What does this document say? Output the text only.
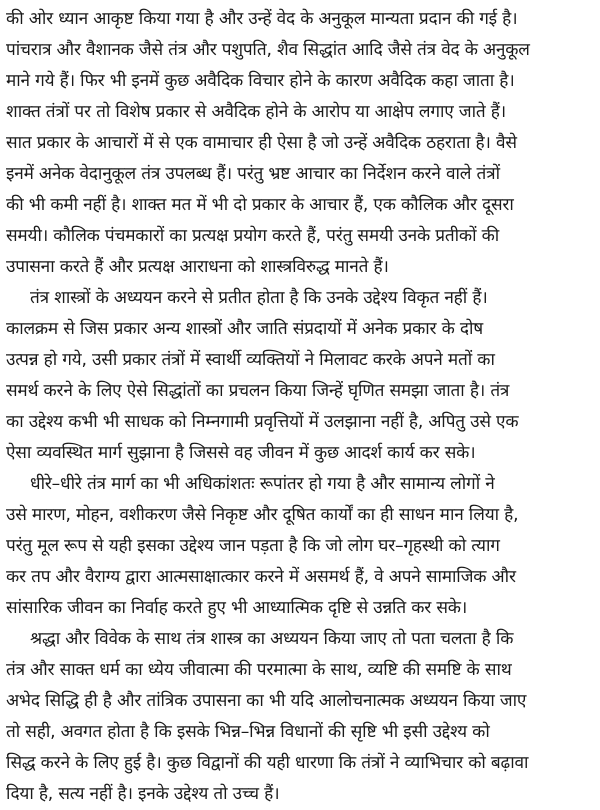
की ओर ध्यान आकृष्ट किया गया है और उन्हें वेद के अनुकूल मान्यता प्रदान की गई है।
पांचरात्र और वैशानक जैसे तंत्र और पशुपति, शैव सिद्धांत आदि जैसे तंत्र वेद के अनुकूल
माने गये हैं। फिर भी इनमें कुछ अवैदिक विचार होने के कारण अवैदिक कहा जाता है।
शाक्त तंत्रों पर तो विशेष प्रकार से अवैदिक होने के आरोप या आक्षेप लगाए जाते हैं।
सात प्रकार के आचारों में से एक वामाचार ही ऐसा है जो उन्हें अवैदिक ठहराता है। वैसे
इनमें अनेक वेदानुकूल तंत्र उपलब्ध हैं। परंतु भ्रष्ट आचार का निर्देशन करने वाले तंत्रों
की भी कमी नहीं है। शाक्त मत में भी दो प्रकार के आचार हैं, एक कौलिक और दूसरा
समयी। कौलिक पंचमकारों का प्रत्यक्ष प्रयोग करते हैं, परंतु समयी उनके प्रतीकों की
उपासना करते हैं और प्रत्यक्ष आराधना को शास्त्रविरुद्ध मानते हैं।
तंत्र शास्त्रों के अध्ययन करने से प्रतीत होता है कि उनके उद्देश्य विकृत नहीं हैं।
कालक्रम से जिस प्रकार अन्य शास्त्रों और जाति संप्रदायों में अनेक प्रकार के दोष
उत्पन्न हो गये, उसी प्रकार तंत्रों में स्वार्थी व्यक्तियों ने मिलावट करके अपने मतों का
समर्थ करने के लिए ऐसे सिद्धांतों का प्रचलन किया जिन्हें घृणित समझा जाता है। तंत्र
का उद्देश्य कभी भी साधक को निम्नगामी प्रवृत्तियों में उलझाना नहीं है, अपितु उसे एक
ऐसा व्यवस्थित मार्ग सुझाना है जिससे वह जीवन में कुछ आदर्श कार्य कर सके।
धीरे–धीरे तंत्र मार्ग का भी अधिकांशतः रूपांतर हो गया है और सामान्य लोगों ने
उसे मारण, मोहन, वशीकरण जैसे निकृष्ट और दूषित कार्यों का ही साधन मान लिया है,
परंतु मूल रूप से यही इसका उद्देश्य जान पड़ता है कि जो लोग घर–गृहस्थी को त्याग
कर तप और वैराग्य द्वारा आत्मसाक्षात्कार करने में असमर्थ हैं, वे अपने सामाजिक और
सांसारिक जीवन का निर्वाह करते हुए भी आध्यात्मिक दृष्टि से उन्नति कर सके।
श्रद्धा और विवेक के साथ तंत्र शास्त्र का अध्ययन किया जाए तो पता चलता है कि
तंत्र और साक्त धर्म का ध्येय जीवात्मा की परमात्मा के साथ, व्यष्टि की समष्टि के साथ
अभेद सिद्धि ही है और तांत्रिक उपासना का भी यदि आलोचनात्मक अध्ययन किया जाए
तो सही, अवगत होता है कि इसके भिन्न–भिन्न विधानों की सृष्टि भी इसी उद्देश्य को
सिद्ध करने के लिए हुई है। कुछ विद्वानों की यही धारणा कि तंत्रों ने व्याभिचार को बढ़ावा
दिया है, सत्य नहीं है। इनके उद्देश्य तो उच्च हैं।
